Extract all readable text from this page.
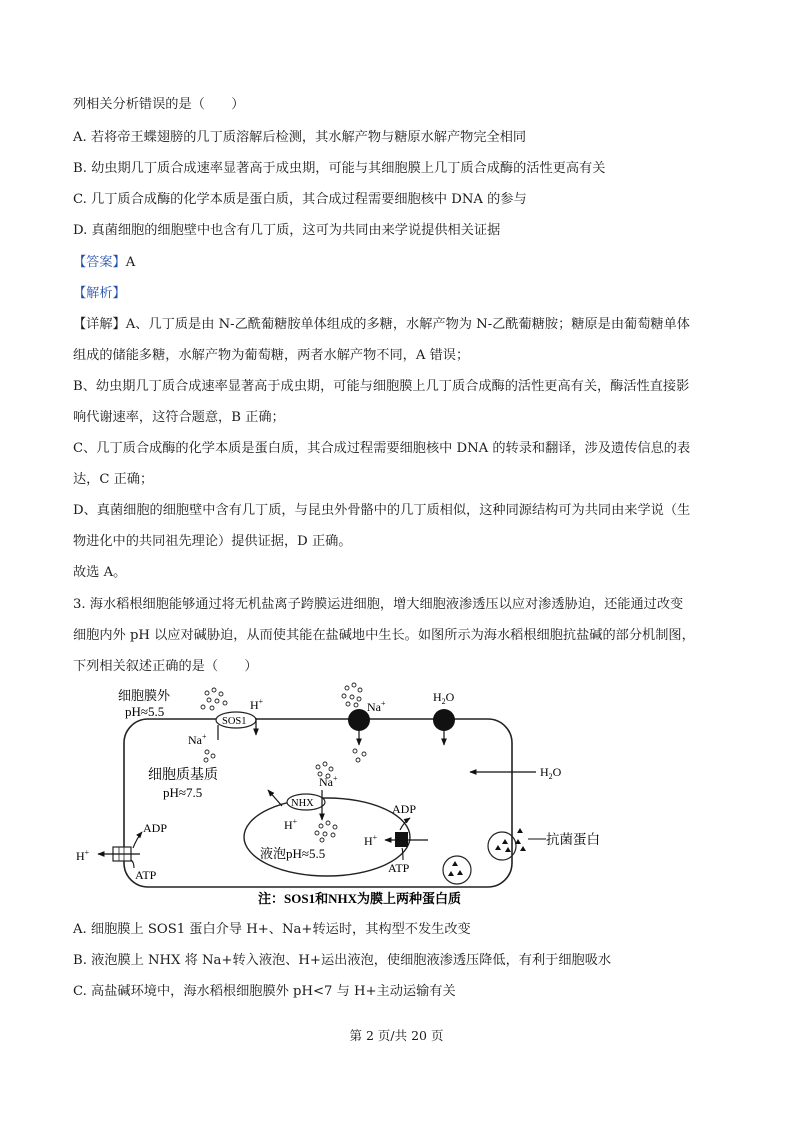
列相关分析错误的是（　　）
A. 若将帝王蝶翅膀的几丁质溶解后检测，其水解产物与糖原水解产物完全相同
B. 幼虫期几丁质合成速率显著高于成虫期，可能与其细胞膜上几丁质合成酶的活性更高有关
C. 几丁质合成酶的化学本质是蛋白质，其合成过程需要细胞核中 DNA 的参与
D. 真菌细胞的细胞壁中也含有几丁质，这可为共同由来学说提供相关证据
【答案】A
【解析】
【详解】A、几丁质是由 N-乙酰葡糖胺单体组成的多糖，水解产物为 N-乙酰葡糖胺；糖原是由葡萄糖单体
组成的储能多糖，水解产物为葡萄糖，两者水解产物不同，A 错误；
B、幼虫期几丁质合成速率显著高于成虫期，可能与细胞膜上几丁质合成酶的活性更高有关，酶活性直接影
响代谢速率，这符合题意，B 正确；
C、几丁质合成酶的化学本质是蛋白质，其合成过程需要细胞核中 DNA 的转录和翻译，涉及遗传信息的表
达，C 正确；
D、真菌细胞的细胞壁中含有几丁质，与昆虫外骨骼中的几丁质相似，这种同源结构可为共同由来学说（生
物进化中的共同祖先理论）提供证据，D 正确。
故选 A。
3. 海水稻根细胞能够通过将无机盐离子跨膜运进细胞，增大细胞液渗透压以应对渗透胁迫，还能通过改变
细胞内外 pH 以应对碱胁迫，从而使其能在盐碱地中生长。如图所示为海水稻根细胞抗盐碱的部分机制图，
下列相关叙述正确的是（　　）
细胞膜外
pH≈5.5
SOS1
H+
Na+
Na+	$H_2O$
$H_2O$
细胞质基质
pH≈7.5
NHX
H+
Na+
液泡pH≈5.5
ADP
ATP
H+
ADP
ATP
H+
抗菌蛋白
注：SOS1和NHX为膜上两种蛋白质
A. 细胞膜上 SOS1 蛋白介导 H+、Na+转运时，其构型不发生改变
B. 液泡膜上 NHX 将 Na+转入液泡、H+运出液泡，使细胞液渗透压降低，有利于细胞吸水
C. 高盐碱环境中，海水稻根细胞膜外 pH<7 与 H+主动运输有关
第 2 页/共 20 页
